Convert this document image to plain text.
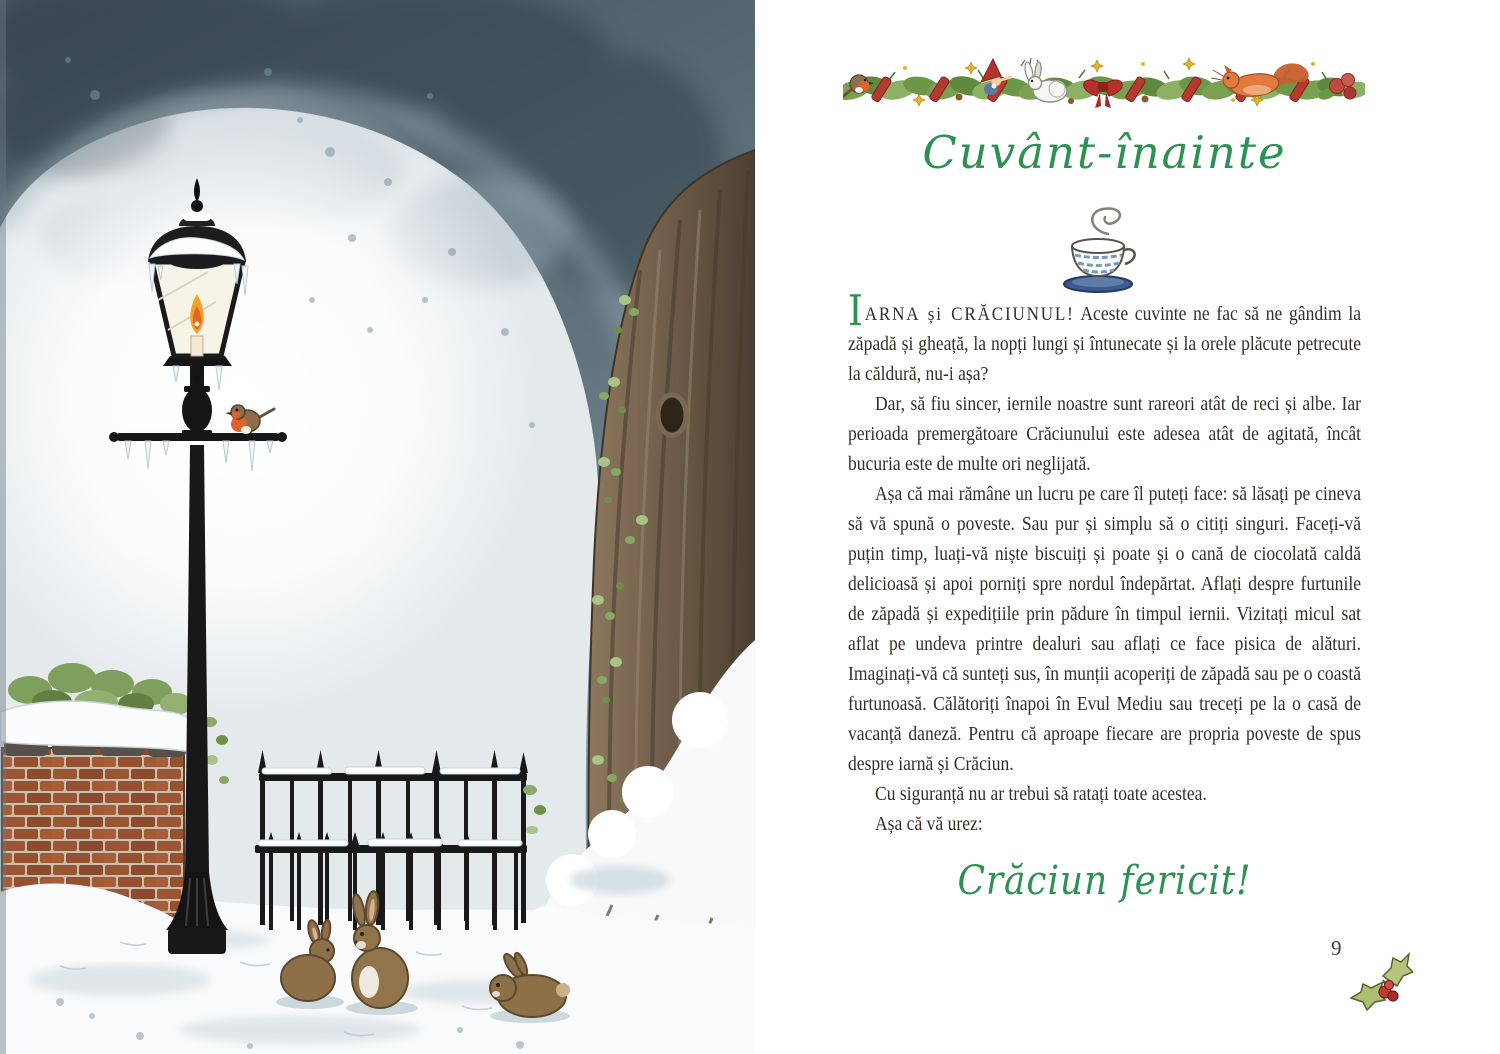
Cuvânt-înainte

IARNA și CRĂCIUNUL! Aceste cuvinte ne fac să ne gândim la zăpadă și gheață, la nopți lungi și întunecate și la orele plăcute petrecute la căldură, nu-i așa?

Dar, să fiu sincer, iernile noastre sunt rareori atât de reci și albe. Iar perioada premergătoare Crăciunului este adesea atât de agitată, încât bucuria este de multe ori neglijată.

Așa că mai rămâne un lucru pe care îl puteți face: să lăsați pe cineva să vă spună o poveste. Sau pur și simplu să o citiți singuri. Faceți-vă puțin timp, luați-vă niște biscuiți și poate și o cană de ciocolată caldă delicioasă și apoi porniți spre nordul îndepărtat. Aflați despre furtunile de zăpadă și expedițiile prin pădure în timpul iernii. Vizitați micul sat aflat pe undeva printre dealuri sau aflați ce face pisica de alături. Imaginați-vă că sunteți sus, în munții acoperiți de zăpadă sau pe o coastă furtunoasă. Călătoriți înapoi în Evul Mediu sau treceți pe la o casă de vacanță daneză. Pentru că aproape fiecare are propria poveste de spus despre iarnă și Crăciun.

Cu siguranță nu ar trebui să ratați toate acestea.

Așa că vă urez:

Crăciun fericit!
9
